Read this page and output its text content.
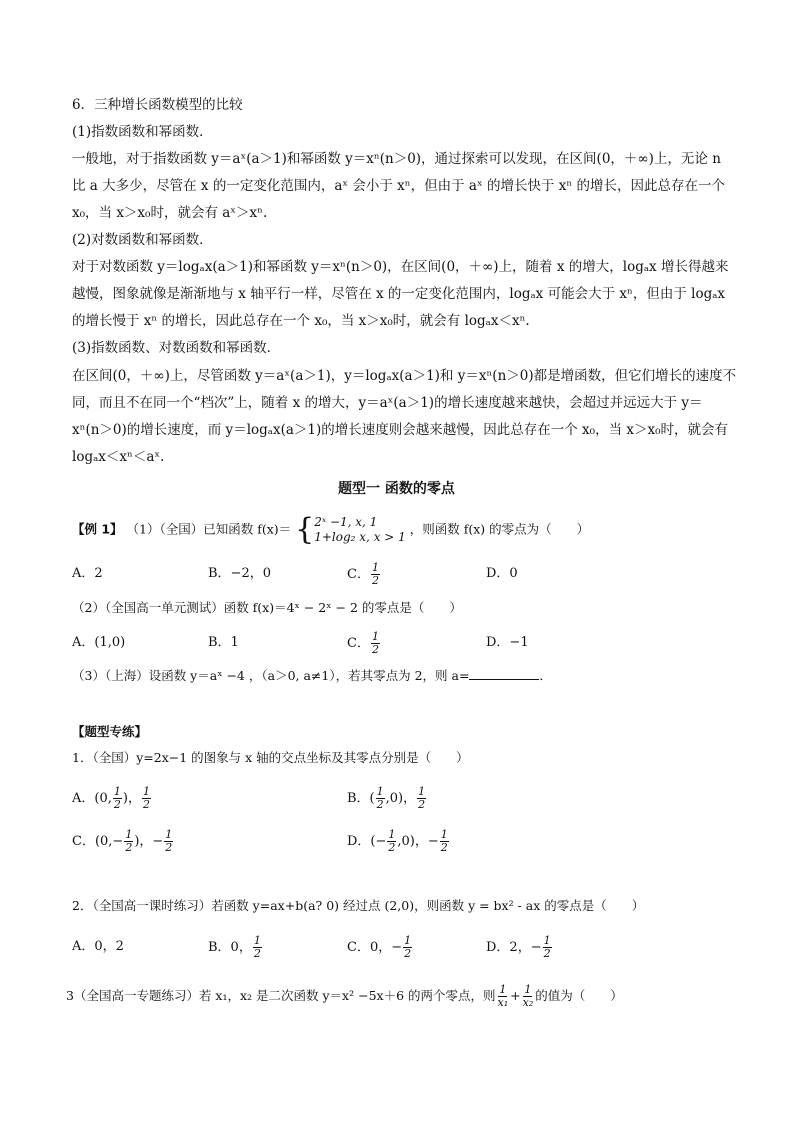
6．三种增长函数模型的比较
(1)指数函数和幂函数．
一般地，对于指数函数 y＝aˣ(a＞1)和幂函数 y＝xⁿ(n＞0)，通过探索可以发现，在区间(0，＋∞)上，无论 n
比 a 大多少，尽管在 x 的一定变化范围内，aˣ 会小于 xⁿ，但由于 aˣ 的增长快于 xⁿ 的增长，因此总存在一个
x₀，当 x＞x₀时，就会有 aˣ＞xⁿ.
(2)对数函数和幂函数．
对于对数函数 y＝logₐx(a＞1)和幂函数 y＝xⁿ(n＞0)，在区间(0，＋∞)上，随着 x 的增大，logₐx 增长得越来
越慢，图象就像是渐渐地与 x 轴平行一样，尽管在 x 的一定变化范围内，logₐx 可能会大于 xⁿ，但由于 logₐx
的增长慢于 xⁿ 的增长，因此总存在一个 x₀，当 x＞x₀时，就会有 logₐx＜xⁿ.
(3)指数函数、对数函数和幂函数．
在区间(0，＋∞)上，尽管函数 y＝aˣ(a＞1)，y＝logₐx(a＞1)和 y＝xⁿ(n＞0)都是增函数，但它们增长的速度不
同，而且不在同一个“档次”上，随着 x 的增大，y＝aˣ(a＞1)的增长速度越来越快，会超过并远远大于 y＝
xⁿ(n＞0)的增长速度，而 y＝logₐx(a＞1)的增长速度则会越来越慢，因此总存在一个 x₀，当 x＞x₀时，就会有
logₐx＜xⁿ＜aˣ.
题型一 函数的零点
【例 1】 （1）（全国）已知函数 f(x)＝ { 2ˣ −1, x, 1
1+log₂ x, x > 1
，则函数 f(x) 的零点为（　　）
A．2	B．−2，0	C． $\frac{1}{2}$	D．0
（2）（全国高一单元测试）函数 f(x)＝4ˣ − 2ˣ − 2 的零点是（　　）
A．(1,0)	B．1	C． $\frac{1}{2}$	D．−1
（3）（上海）设函数 y＝aˣ −4 ，（a＞0, a≠1），若其零点为 2，则 a=	．
【题型专练】
1．（全国）y=2x−1 的图象与 x 轴的交点坐标及其零点分别是（　　）
A．(0, $\frac{1}{2}$ )， $\frac{1}{2}$	B．( $\frac{1}{2} ,0$)， $\frac{1}{2}$
C．($0,- \frac{1}{2}$ )，− $\frac{1}{2}$	D．(− $\frac{1}{2} ,0$)，− $\frac{1}{2}$
2．（全国高一课时练习）若函数 y=ax+b(a? 0) 经过点 (2,0)，则函数 y = bx² - ax 的零点是（　　）
A．0，2	B．0， $\frac{1}{2}$	C．0，− $\frac{1}{2}$	D．2，− $\frac{1}{2}$
3（全国高一专题练习）若 x₁，x₂ 是二次函数 y＝x² −5x＋6 的两个零点，则 $\frac{1}{\text{x₁}} + \frac{1}{\text{x₂}}$ 的值为（　　）
